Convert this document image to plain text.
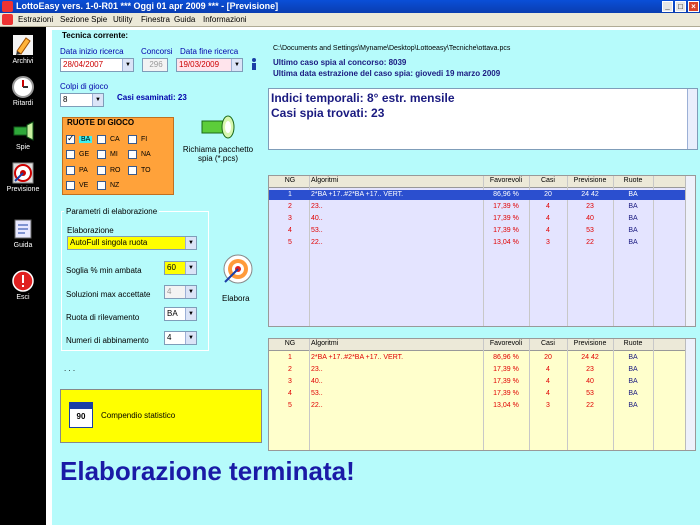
LottoEasy vers. 1-0-R01 *** Oggi 01 apr 2009 *** - [Previsione]	_	□	×
Estrazioni Sezione Spie Utility Finestra Guida Informazioni
Archivi
Ritardi
Spie
Previsione
Guida
Esci
Tecnica corrente:
Data inizio ricerca
28/04/2007	▼
Concorsi
296
Data fine ricerca
19/03/2009	▼
Colpi di gioco
8	▼ Casi esaminati: 23
RUOTE DI GIOCO
Richiama pacchetto
spia (*.pcs)
Parametri di elaborazione
Elaborazione
AutoFull singola ruota	▼
Soglia % min ambata	60	▼
Soluzioni max accettate	4	▼
Ruota di rilevamento	BA	▼
Numeri di abbinamento	4	▼
Elabora
. . .
90	Compendio statistico
C:\Documents and Settings\Myname\Desktop\Lottoeasy\Tecniche\ottava.pcs
Ultimo caso spia al concorso: 8039
Ultima data estrazione del caso spia: giovedi 19 marzo 2009
Indici temporali: 8° estr. mensile
Casi spia trovati: 23
NG	Algoritmi	Favorevoli	Casi	Previsione	Ruote
1	2*BA +17..#2*BA +17.. VERT.	86,96 %	20	24 42	BA
2	23..	17,39 %	4	23	BA
3	40..	17,39 %	4	40	BA
4	53..	17,39 %	4	53	BA
5	22..	13,04 %	3	22	BA
NG	Algoritmi	Favorevoli	Casi	Previsione	Ruote
1	2*BA +17..#2*BA +17.. VERT.	86,96 %	20	24 42	BA
2	23..	17,39 %	4	23	BA
3	40..	17,39 %	4	40	BA
4	53..	17,39 %	4	53	BA
5	22..	13,04 %	3	22	BA
Elaborazione terminata!
✓
BA	CA	FI
GE	MI	NA
PA	RO	TO
VE	NZ
